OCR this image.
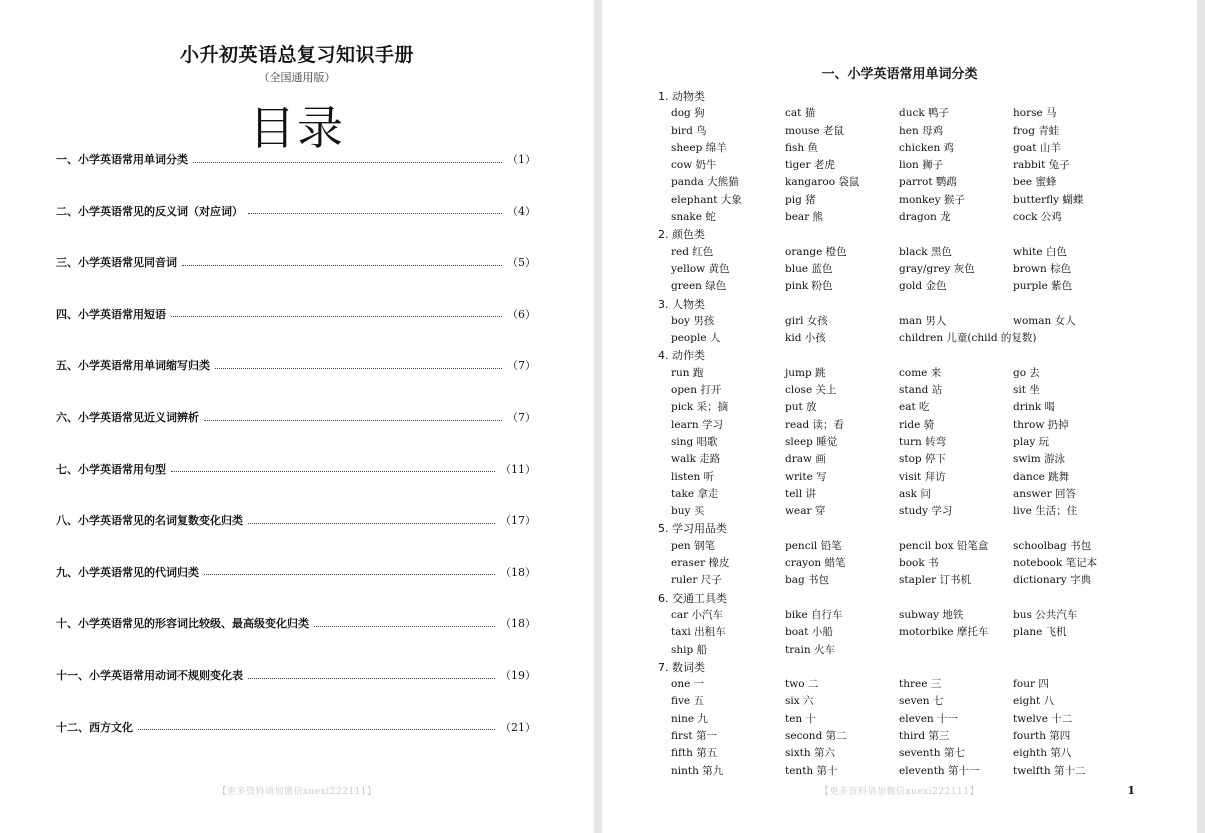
小升初英语总复习知识手册
（全国通用版）
目录
一、小学英语常用单词分类	（1）
二、小学英语常见的反义词（对应词）	（4）
三、小学英语常见同音词	（5）
四、小学英语常用短语	（6）
五、小学英语常用单词缩写归类	（7）
六、小学英语常见近义词辨析	（7）
七、小学英语常用句型	（11）
八、小学英语常见的名词复数变化归类	（17）
九、小学英语常见的代词归类	（18）
十、小学英语常见的形容词比较级、最高级变化归类	（18）
十一、小学英语常用动词不规则变化表	（19）
十二、西方文化	（21）
【更多资料请加微信xuexi222111】
一、小学英语常用单词分类
1. 动物类
dog 狗	cat 猫	duck 鸭子	horse 马
bird 鸟	mouse 老鼠	hen 母鸡	frog 青蛙
sheep 绵羊	fish 鱼	chicken 鸡	goat 山羊
cow 奶牛	tiger 老虎	lion 狮子	rabbit 兔子
panda 大熊猫	kangaroo 袋鼠	parrot 鹦鹉	bee 蜜蜂
elephant 大象	pig 猪	monkey 猴子	butterfly 蝴蝶
snake 蛇	bear 熊	dragon 龙	cock 公鸡
2. 颜色类
red 红色	orange 橙色	black 黑色	white 白色
yellow 黄色	blue 蓝色	gray/grey 灰色	brown 棕色
green 绿色	pink 粉色	gold 金色	purple 紫色
3. 人物类
boy 男孩	girl 女孩	man 男人	woman 女人
people 人	kid 小孩	children 儿童(child 的复数)
4. 动作类
run 跑	jump 跳	come 来	go 去
open 打开	close 关上	stand 站	sit 坐
pick 采；摘	put 放	eat 吃	drink 喝
learn 学习	read 读；看	ride 骑	throw 扔掉
sing 唱歌	sleep 睡觉	turn 转弯	play 玩
walk 走路	draw 画	stop 停下	swim 游泳
listen 听	write 写	visit 拜访	dance 跳舞
take 拿走	tell 讲	ask 问	answer 回答
buy 买	wear 穿	study 学习	live 生活；住
5. 学习用品类
pen 钢笔	pencil 铅笔	pencil box 铅笔盒	schoolbag 书包
eraser 橡皮	crayon 蜡笔	book 书	notebook 笔记本
ruler 尺子	bag 书包	stapler 订书机	dictionary 字典
6. 交通工具类
car 小汽车	bike 自行车	subway 地铁	bus 公共汽车
taxi 出租车	boat 小船	motorbike 摩托车	plane 飞机
ship 船	train 火车
7. 数词类
one 一	two 二	three 三	four 四
five 五	six 六	seven 七	eight 八
nine 九	ten 十	eleven 十一	twelve 十二
first 第一	second 第二	third 第三	fourth 第四
fifth 第五	sixth 第六	seventh 第七	eighth 第八
ninth 第九	tenth 第十	eleventh 第十一	twelfth 第十二
【更多资料请加微信xuexi222111】	1
